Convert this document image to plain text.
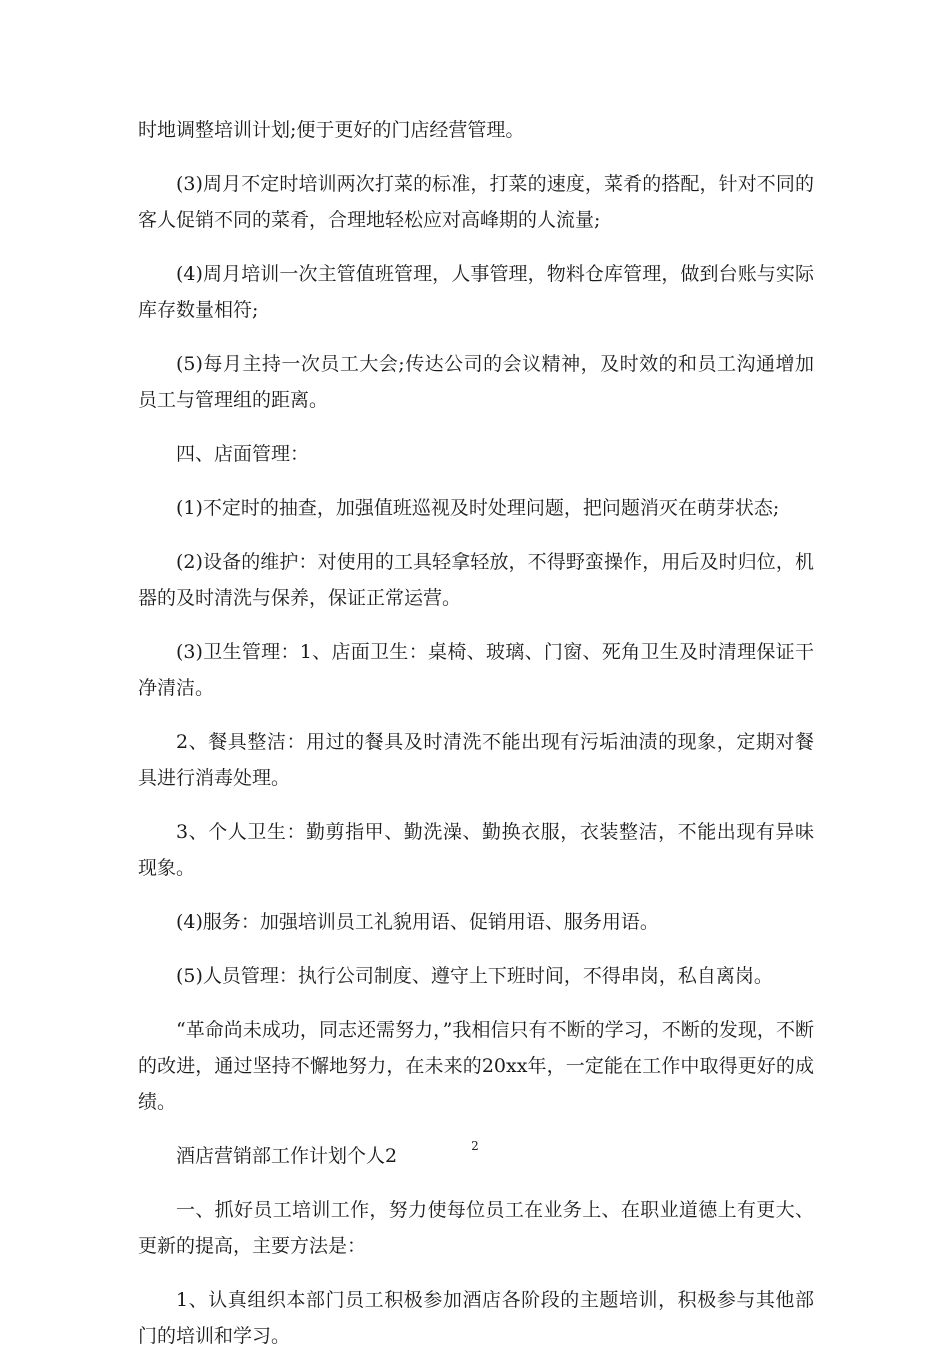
时地调整培训计划;便于更好的门店经营管理。

(3)周月不定时培训两次打菜的标准，打菜的速度，菜肴的搭配，针对不同的客人促销不同的菜肴，合理地轻松应对高峰期的人流量;

(4)周月培训一次主管值班管理，人事管理，物料仓库管理，做到台账与实际库存数量相符;

(5)每月主持一次员工大会;传达公司的会议精神，及时效的和员工沟通增加员工与管理组的距离。

四、店面管理：

(1)不定时的抽查，加强值班巡视及时处理问题，把问题消灭在萌芽状态;

(2)设备的维护：对使用的工具轻拿轻放，不得野蛮操作，用后及时归位，机器的及时清洗与保养，保证正常运营。

(3)卫生管理：1、店面卫生：桌椅、玻璃、门窗、死角卫生及时清理保证干净清洁。

2、餐具整洁：用过的餐具及时清洗不能出现有污垢油渍的现象，定期对餐具进行消毒处理。

3、个人卫生：勤剪指甲、勤洗澡、勤换衣服，衣装整洁，不能出现有异味现象。

(4)服务：加强培训员工礼貌用语、促销用语、服务用语。

(5)人员管理：执行公司制度、遵守上下班时间，不得串岗，私自离岗。

“革命尚未成功，同志还需努力，”我相信只有不断的学习，不断的发现，不断的改进，通过坚持不懈地努力，在未来的20xx年，一定能在工作中取得更好的成绩。

酒店营销部工作计划个人2

一、抓好员工培训工作，努力使每位员工在业务上、在职业道德上有更大、更新的提高，主要方法是：

1、认真组织本部门员工积极参加酒店各阶段的主题培训，积极参与其他部门的培训和学习。

2
